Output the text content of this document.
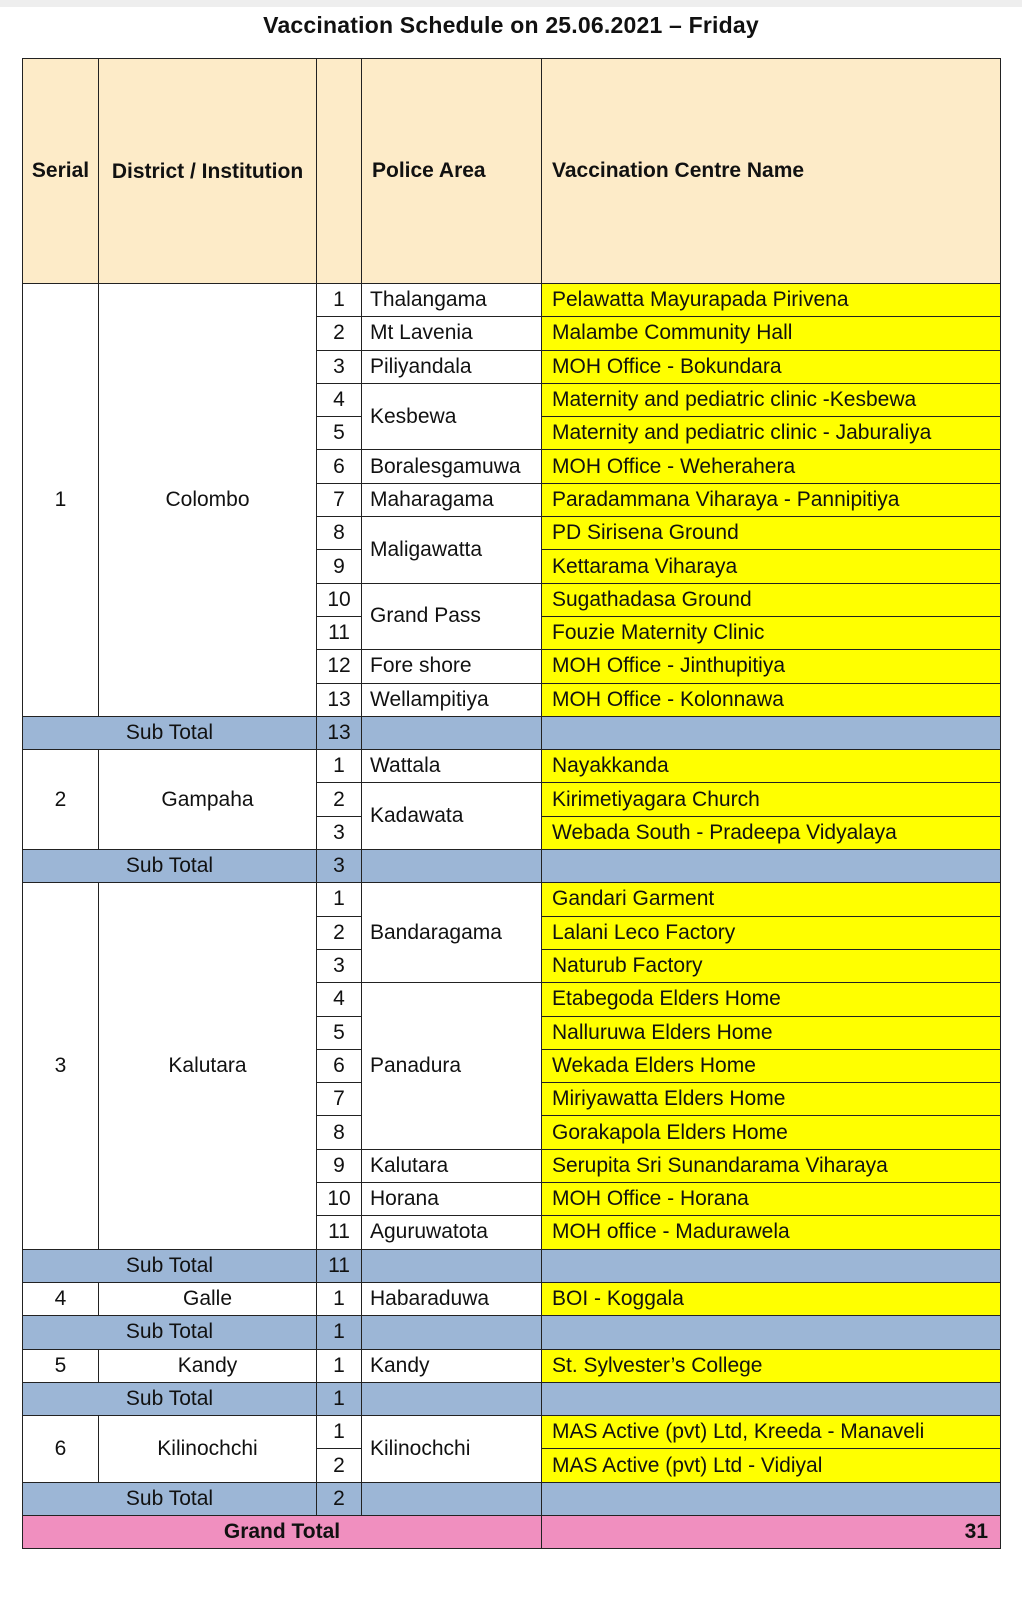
Vaccination Schedule on 25.06.2021 – Friday
Serial	District / Institution		Police Area	Vaccination Centre Name
1	Colombo	1	Thalangama	Pelawatta Mayurapada Pirivena
		2	Mt Lavenia	Malambe Community Hall
		3	Piliyandala	MOH Office - Bokundara
		4	Kesbewa	Maternity and pediatric clinic -Kesbewa
		5		Maternity and pediatric clinic - Jaburaliya
		6	Boralesgamuwa	MOH Office - Weherahera
		7	Maharagama	Paradammana Viharaya - Pannipitiya
		8	Maligawatta	PD Sirisena Ground
		9		Kettarama Viharaya
		10	Grand Pass	Sugathadasa Ground
		11		Fouzie Maternity Clinic
		12	Fore shore	MOH Office - Jinthupitiya
		13	Wellampitiya	MOH Office - Kolonnawa
Sub Total		13		
2	Gampaha	1	Wattala	Nayakkanda
		2	Kadawata	Kirimetiyagara Church
		3		Webada South - Pradeepa Vidyalaya
Sub Total		3		
3	Kalutara	1	Bandaragama	Gandari Garment
		2		Lalani Leco Factory
		3		Naturub Factory
		4	Panadura	Etabegoda Elders Home
		5		Nalluruwa Elders Home
		6		Wekada Elders Home
		7		Miriyawatta Elders Home
		8		Gorakapola Elders Home
		9	Kalutara	Serupita Sri Sunandarama Viharaya
		10	Horana	MOH Office - Horana
		11	Aguruwatota	MOH office - Madurawela
Sub Total		11		
4	Galle	1	Habaraduwa	BOI - Koggala
Sub Total		1		
5	Kandy	1	Kandy	St. Sylvester’s College
Sub Total		1		
6	Kilinochchi	1	Kilinochchi	MAS Active (pvt) Ltd, Kreeda - Manaveli
		2		MAS Active (pvt) Ltd - Vidiyal
Sub Total		2		
Grand Total				31
